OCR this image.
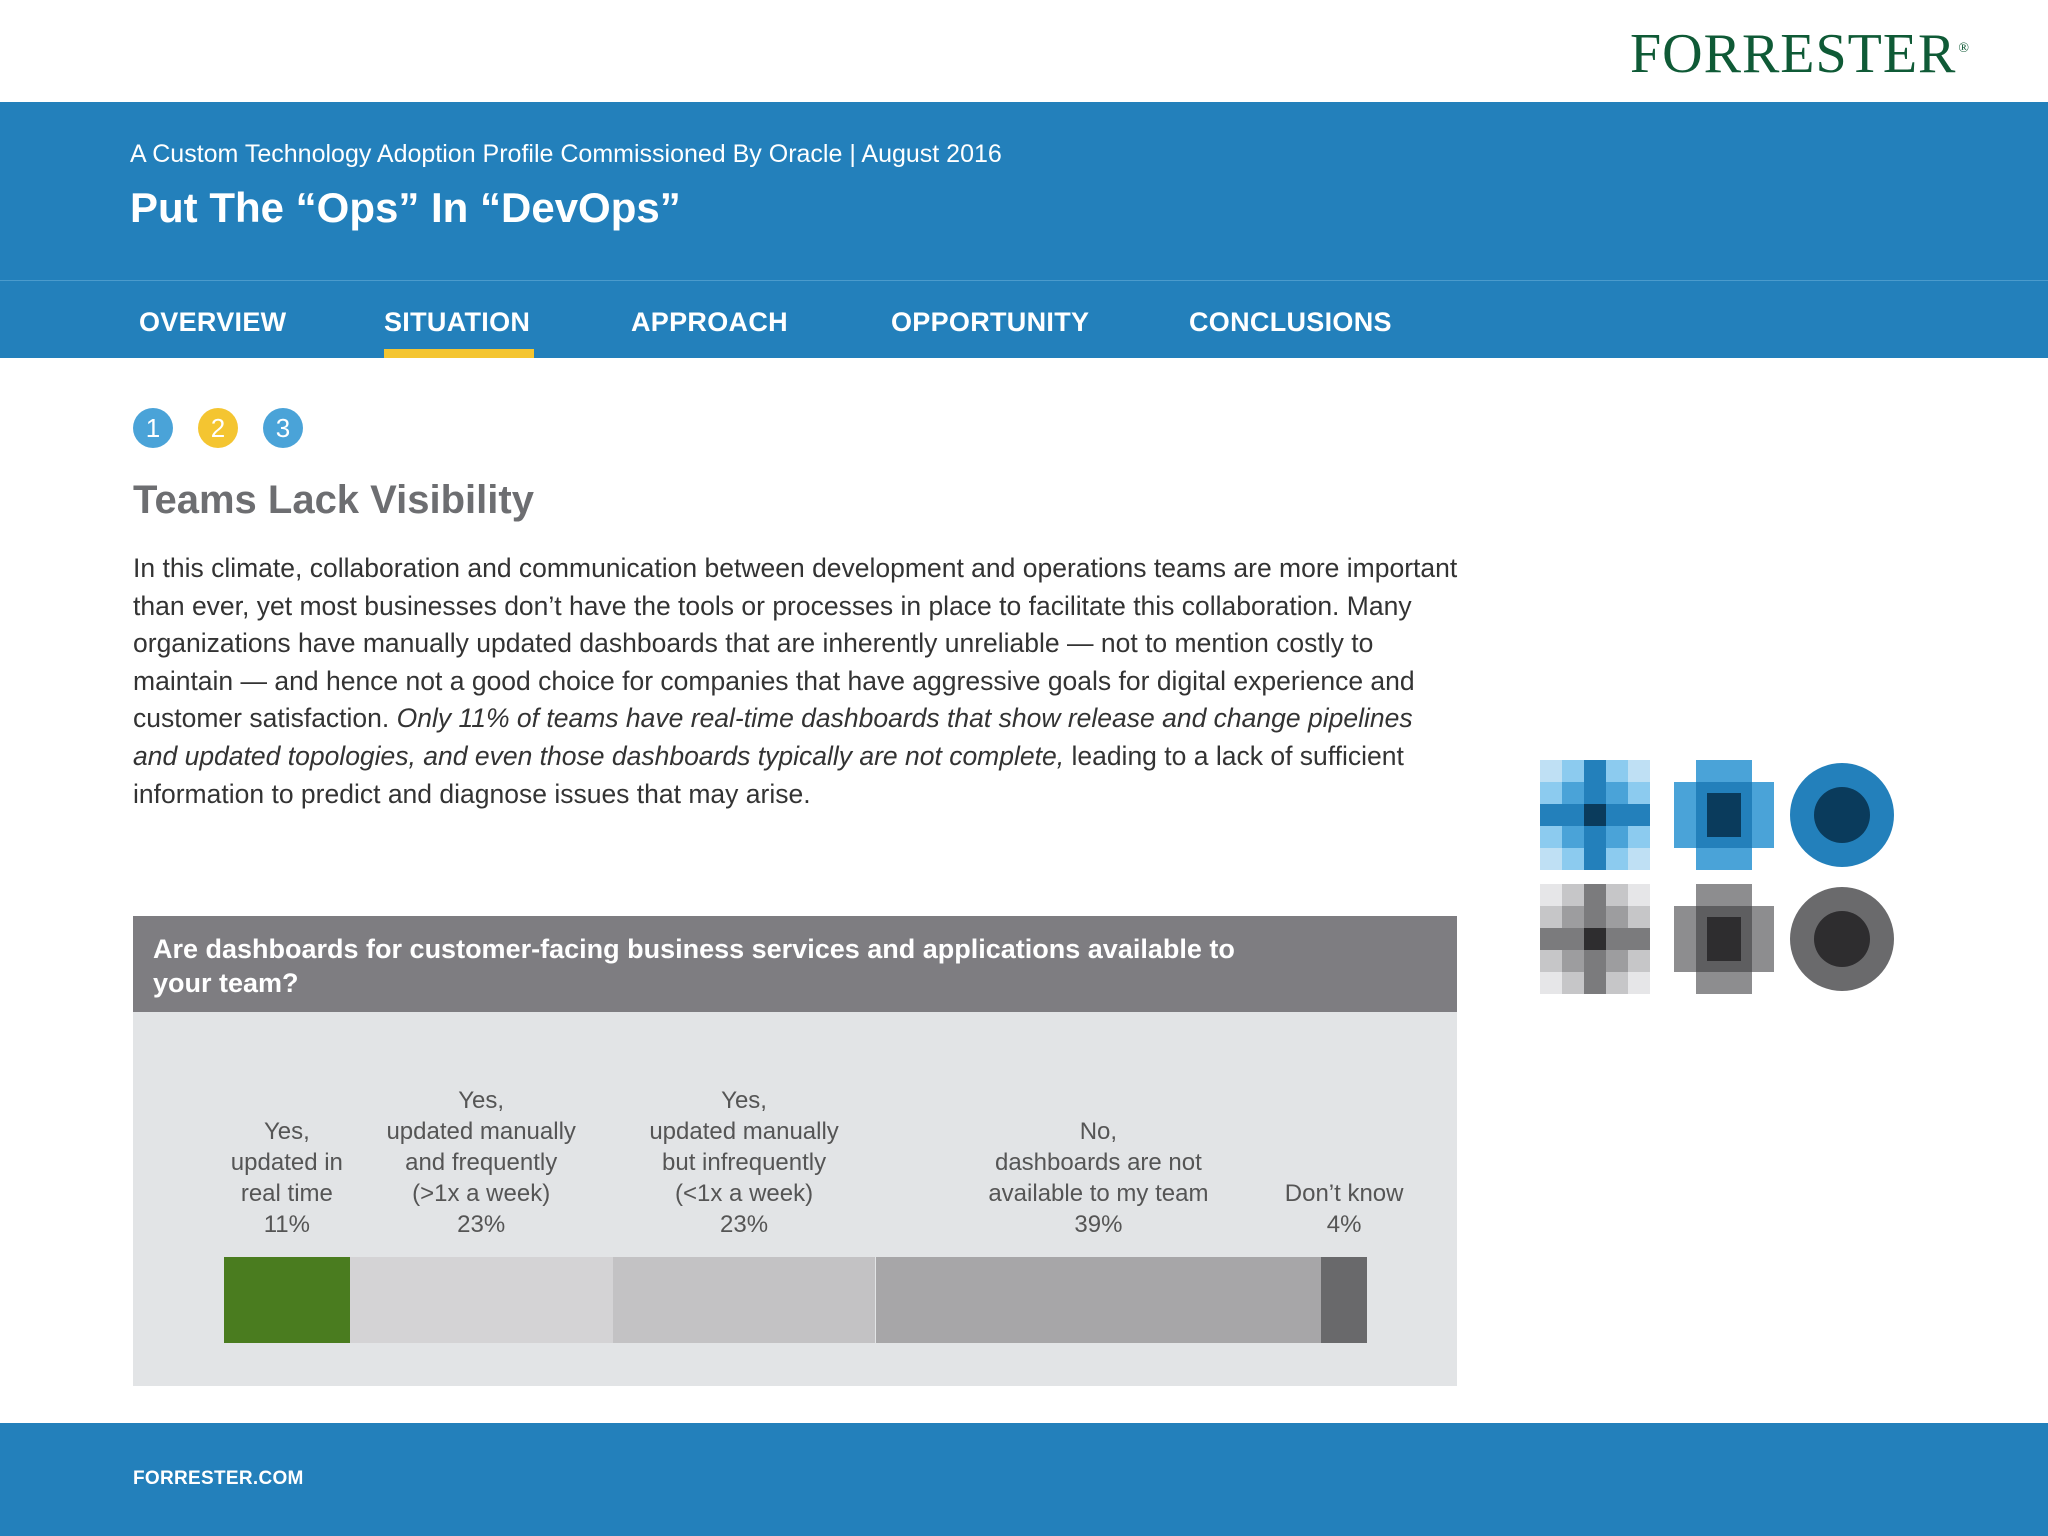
FORRESTER ®
A Custom Technology Adoption Profile Commissioned By Oracle | August 2016
Put The “Ops” In “DevOps”
OVERVIEW	SITUATION	APPROACH	OPPORTUNITY	CONCLUSIONS
1	2	3
Teams Lack Visibility
In this climate, collaboration and communication between development and operations teams are more important than ever, yet most businesses don’t have the tools or processes in place to facilitate this collaboration. Many organizations have manually updated dashboards that are inherently unreliable — not to mention costly to maintain — and hence not a good choice for companies that have aggressive goals for digital experience and customer satisfaction. Only 11% of teams have real-time dashboards that show release and change pipelines and updated topologies, and even those dashboards typically are not complete, leading to a lack of sufficient information to predict and diagnose issues that may arise.
Are dashboards for customer-facing business services and applications available to your team?
Yes,
updated in
real time
11%
Yes,
updated manually
and frequently
(>1x a week)
23%
Yes,
updated manually
but infrequently
(<1x a week)
23%
No,
dashboards are not
available to my team
39%
Don’t know
4%
FORRESTER.COM
